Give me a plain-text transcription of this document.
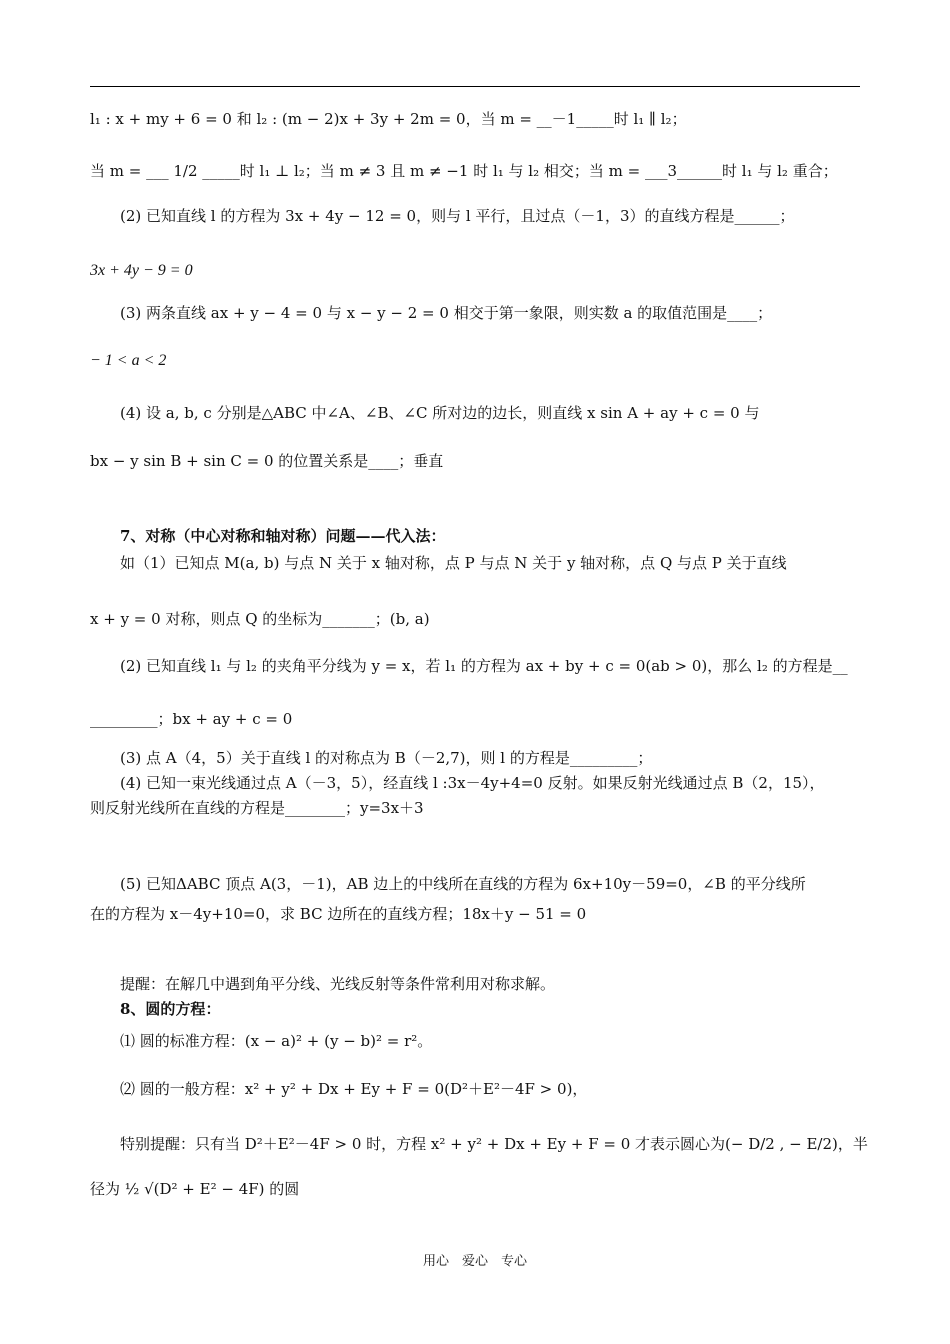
l₁ : x + my + 6 = 0 和 l₂ : (m − 2)x + 3y + 2m = 0，当 m = __－1_____时 l₁ ∥ l₂；
当 m = ___ 1/2 _____时 l₁ ⊥ l₂；当 m ≠ 3 且 m ≠ −1 时 l₁ 与 l₂ 相交；当 m = ___3______时 l₁ 与 l₂ 重合；
(2) 已知直线 l 的方程为 3x + 4y − 12 = 0，则与 l 平行，且过点（－1，3）的直线方程是______；
3x + 4y − 9 = 0
(3) 两条直线 ax + y − 4 = 0 与 x − y − 2 = 0 相交于第一象限，则实数 a 的取值范围是____；
− 1 < a < 2
(4) 设 a, b, c 分别是△ABC 中∠A、∠B、∠C 所对边的边长，则直线 x sin A + ay + c = 0 与
bx − y sin B + sin C = 0 的位置关系是____；垂直
7、对称（中心对称和轴对称）问题——代入法：
如（1）已知点 M(a, b) 与点 N 关于 x 轴对称，点 P 与点 N 关于 y 轴对称，点 Q 与点 P 关于直线
x + y = 0 对称，则点 Q 的坐标为_______；(b, a)
(2) 已知直线 l₁ 与 l₂ 的夹角平分线为 y = x，若 l₁ 的方程为 ax + by + c = 0(ab > 0)，那么 l₂ 的方程是__
_________；bx + ay + c = 0
(3) 点 A（4，5）关于直线 l 的对称点为 B（－2,7)，则 l 的方程是_________；
(4) 已知一束光线通过点 A（－3，5），经直线 l :3x－4y+4=0 反射。如果反射光线通过点 B（2，15），
则反射光线所在直线的方程是________；y=3x＋3
(5) 已知ΔABC 顶点 A(3，－1)，AB 边上的中线所在直线的方程为 6x+10y－59=0，∠B 的平分线所
在的方程为 x－4y+10=0，求 BC 边所在的直线方程；18x＋y − 51 = 0
提醒：在解几中遇到角平分线、光线反射等条件常利用对称求解。
8、圆的方程：
⑴ 圆的标准方程：(x − a)² + (y − b)² = r²。
⑵ 圆的一般方程：x² + y² + Dx + Ey + F = 0(D²＋E²－4F > 0)，
特别提醒：只有当 D²＋E²－4F > 0 时，方程 x² + y² + Dx + Ey + F = 0 才表示圆心为(− D/2 , − E/2)，半
径为 ½ √(D² + E² − 4F) 的圆
用心　爱心　专心
